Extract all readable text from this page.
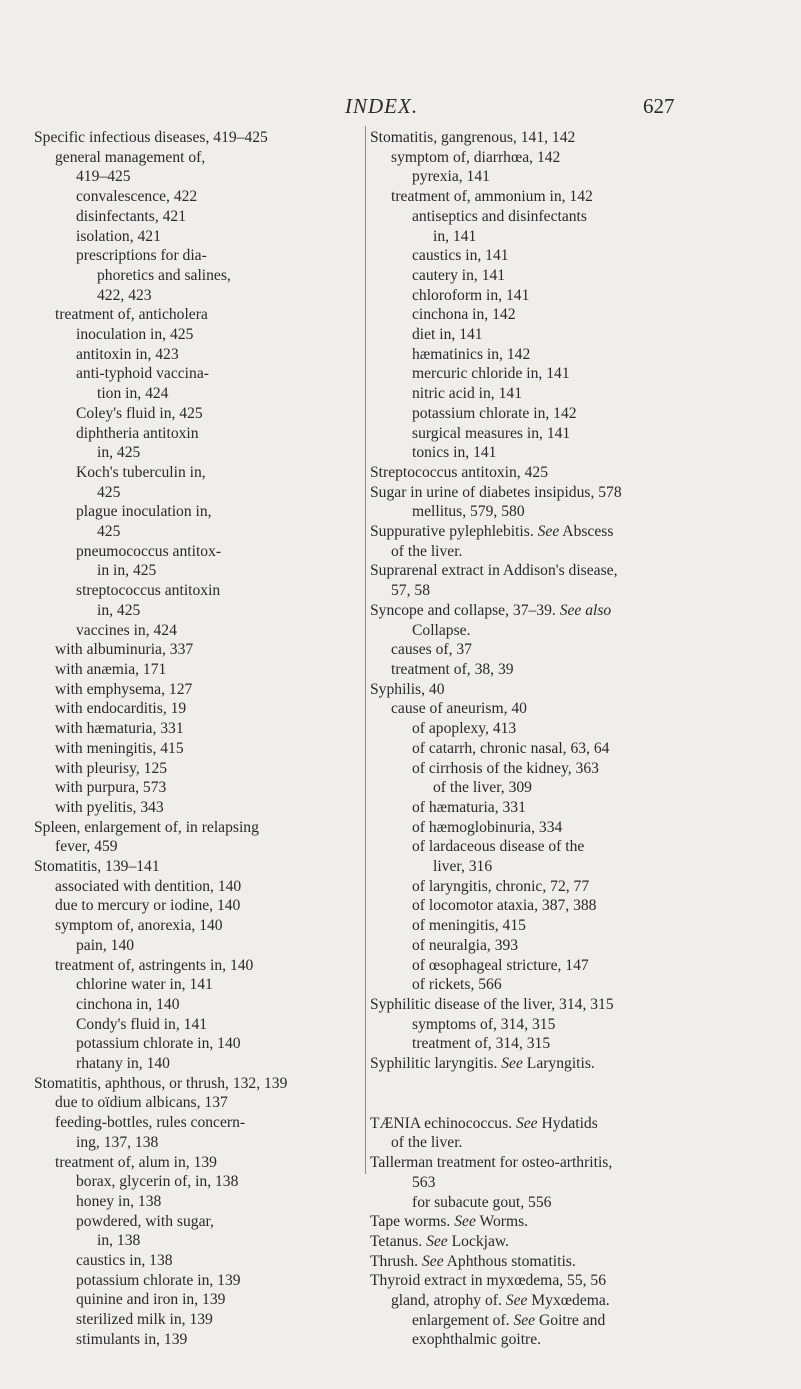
INDEX.	627
Specific infectious diseases, 419–425
general management of,
419–425
convalescence, 422
disinfectants, 421
isolation, 421
prescriptions for dia-
phoretics and salines,
422, 423
treatment of, anticholera
inoculation in, 425
antitoxin in, 423
anti-typhoid vaccina-
tion in, 424
Coley's fluid in, 425
diphtheria antitoxin
in, 425
Koch's tuberculin in,
425
plague inoculation in,
425
pneumococcus antitox-
in in, 425
streptococcus antitoxin
in, 425
vaccines in, 424
with albuminuria, 337
with anæmia, 171
with emphysema, 127
with endocarditis, 19
with hæmaturia, 331
with meningitis, 415
with pleurisy, 125
with purpura, 573
with pyelitis, 343
Spleen, enlargement of, in relapsing
fever, 459
Stomatitis, 139–141
associated with dentition, 140
due to mercury or iodine, 140
symptom of, anorexia, 140
pain, 140
treatment of, astringents in, 140
chlorine water in, 141
cinchona in, 140
Condy's fluid in, 141
potassium chlorate in, 140
rhatany in, 140
Stomatitis, aphthous, or thrush, 132, 139
due to oïdium albicans, 137
feeding-bottles, rules concern-
ing, 137, 138
treatment of, alum in, 139
borax, glycerin of, in, 138
honey in, 138
powdered, with sugar,
in, 138
caustics in, 138
potassium chlorate in, 139
quinine and iron in, 139
sterilized milk in, 139
stimulants in, 139
Stomatitis, gangrenous, 141, 142
symptom of, diarrhœa, 142
pyrexia, 141
treatment of, ammonium in, 142
antiseptics and disinfectants
in, 141
caustics in, 141
cautery in, 141
chloroform in, 141
cinchona in, 142
diet in, 141
hæmatinics in, 142
mercuric chloride in, 141
nitric acid in, 141
potassium chlorate in, 142
surgical measures in, 141
tonics in, 141
Streptococcus antitoxin, 425
Sugar in urine of diabetes insipidus, 578
mellitus, 579, 580
Suppurative pylephlebitis. See Abscess
of the liver.
Suprarenal extract in Addison's disease,
57, 58
Syncope and collapse, 37–39. See also
Collapse.
causes of, 37
treatment of, 38, 39
Syphilis, 40
cause of aneurism, 40
of apoplexy, 413
of catarrh, chronic nasal, 63, 64
of cirrhosis of the kidney, 363
of the liver, 309
of hæmaturia, 331
of hæmoglobinuria, 334
of lardaceous disease of the
liver, 316
of laryngitis, chronic, 72, 77
of locomotor ataxia, 387, 388
of meningitis, 415
of neuralgia, 393
of œsophageal stricture, 147
of rickets, 566
Syphilitic disease of the liver, 314, 315
symptoms of, 314, 315
treatment of, 314, 315
Syphilitic laryngitis. See Laryngitis.
TÆNIA echinococcus. See Hydatids
of the liver.
Tallerman treatment for osteo-arthritis,
563
for subacute gout, 556
Tape worms. See Worms.
Tetanus. See Lockjaw.
Thrush. See Aphthous stomatitis.
Thyroid extract in myxœdema, 55, 56
gland, atrophy of. See Myxœdema.
enlargement of. See Goitre and
exophthalmic goitre.
